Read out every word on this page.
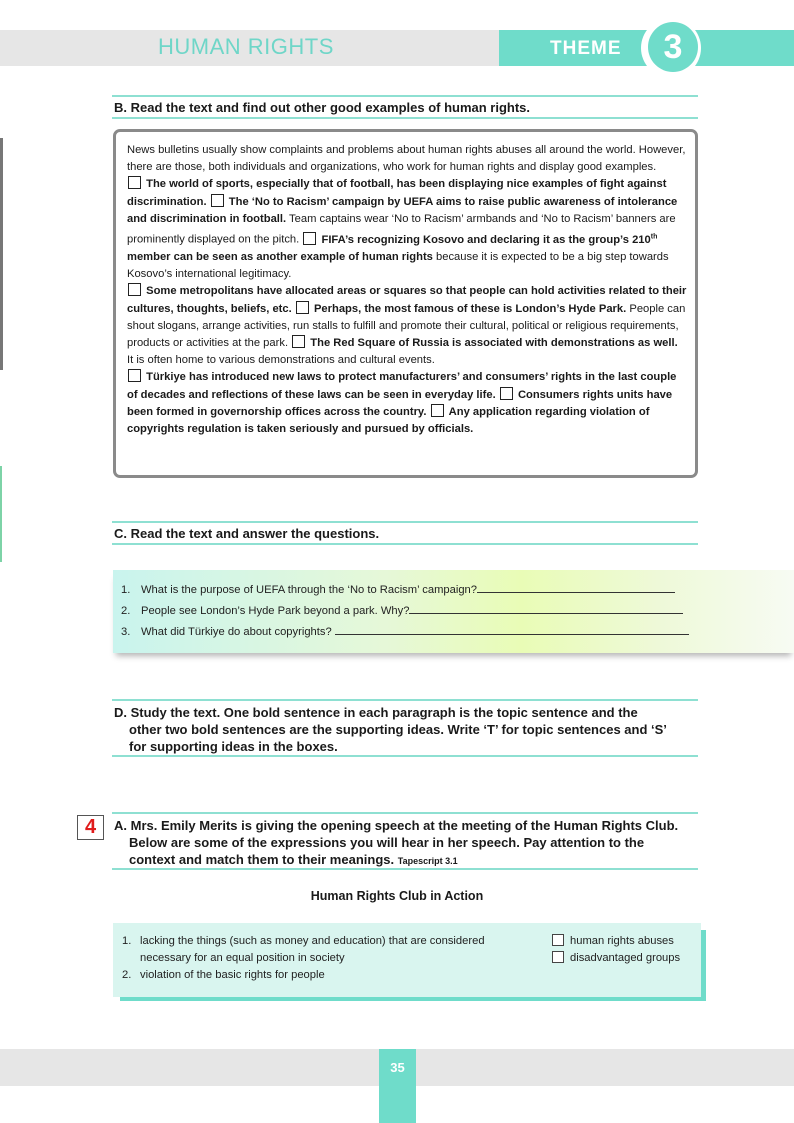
HUMAN RIGHTS	THEME	3
B. Read the text and find out other good examples of human rights.
News bulletins usually show complaints and problems about human rights abuses all around the world. However, there are those, both individuals and organizations, who work for human rights and display good examples.
The world of sports, especially that of football, has been displaying nice examples of fight against discrimination. The ‘No to Racism’ campaign by UEFA aims to raise public awareness of intolerance and discrimination in football. Team captains wear ‘No to Racism’ armbands and ‘No to Racism’ banners are prominently displayed on the pitch.  FIFA’s recognizing Kosovo and declaring it as the group’s 210th member can be seen as another example of human rights because it is expected to be a big step towards Kosovo’s international legitimacy.
Some metropolitans have allocated areas or squares so that people can hold activities related to their cultures, thoughts, beliefs, etc. Perhaps, the most famous of these is London’s Hyde Park. People can shout slogans, arrange activities, run stalls to fulfill and promote their cultural, political or religious requirements, products or activities at the park.  The Red Square of Russia is associated with demonstrations as well. It is often home to various demonstrations and cultural events.
Türkiye has introduced new laws to protect manufacturers’ and consumers’ rights in the last couple of decades and reflections of these laws can be seen in everyday life. Consumers rights units have been formed in governorship offices across the country. Any application regarding violation of copyrights regulation is taken seriously and pursued by officials.
C. Read the text and answer the questions.
1. What is the purpose of UEFA through the ‘No to Racism’ campaign?
2. People see London’s Hyde Park beyond a park. Why?
3. What did Türkiye do about copyrights?
D. Study the text. One bold sentence in each paragraph is the topic sentence and the
other two bold sentences are the supporting ideas. Write ‘T’ for topic sentences and ‘S’
for supporting ideas in the boxes.
4	A. Mrs. Emily Merits is giving the opening speech at the meeting of the Human Rights Club.
Below are some of the expressions you will hear in her speech. Pay attention to the
context and match them to their meanings. Tapescript 3.1
Human Rights Club in Action
1. lacking the things (such as money and education) that are considered
necessary for an equal position in society
2. violation of the basic rights for people
human rights abuses
disadvantaged groups
35
